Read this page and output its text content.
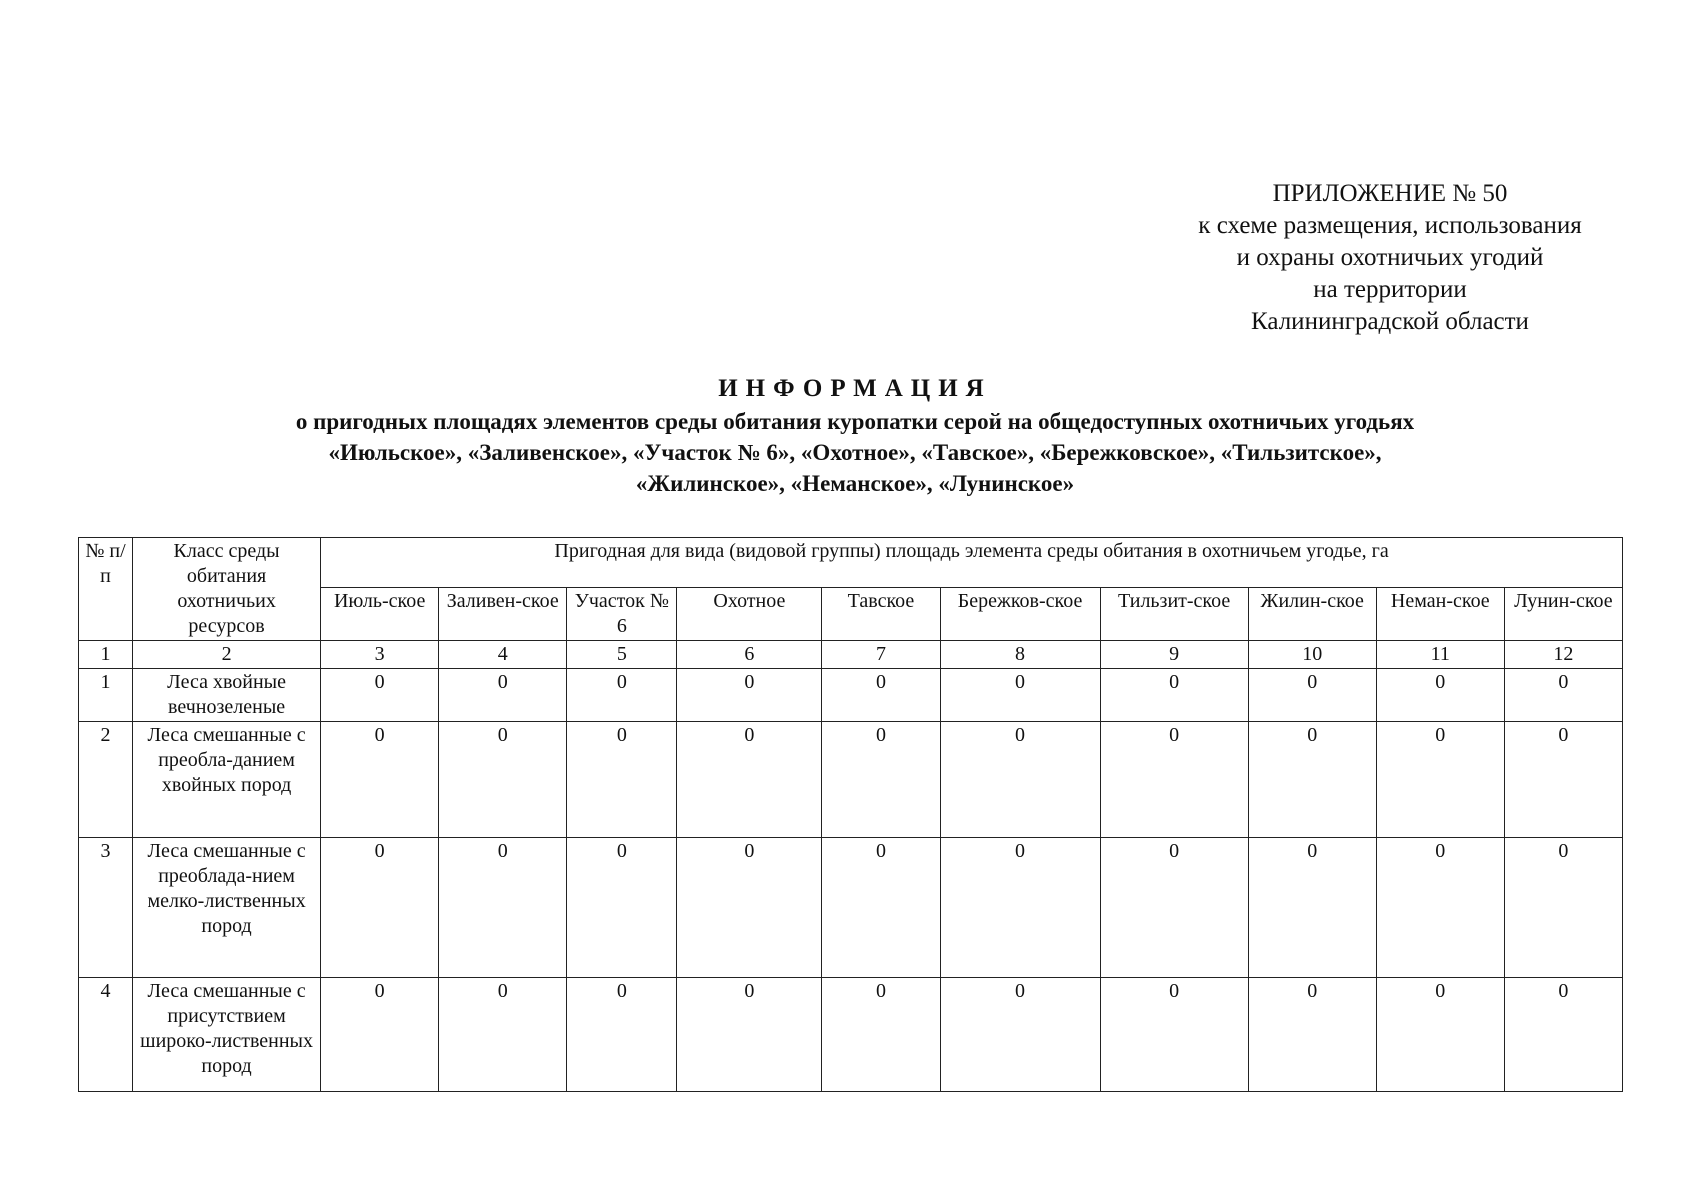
ПРИЛОЖЕНИЕ № 50
к схеме размещения, использования
и охраны охотничьих угодий
на территории
Калининградской области
ИНФОРМАЦИЯ
о пригодных площадях элементов среды обитания куропатки серой на общедоступных охотничьих угодьях
«Июльское», «Заливенское», «Участок № 6», «Охотное», «Тавское», «Бережковское», «Тильзитское»,
«Жилинское», «Неманское», «Лунинское»
№ п/п	Класс среды обитания охотничьих ресурсов	Пригодная для вида (видовой группы) площадь элемента среды обитания в охотничьем угодье, га									
		Июль-ское	Заливен-ское	Участок № 6	Охотное	Тавское	Бережков-ское	Тильзит-ское	Жилин-ское	Неман-ское	Лунин-ское
1	2	3	4	5	6	7	8	9	10	11	12
1	Леса хвойные вечнозеленые	0	0	0	0	0	0	0	0	0	0
2	Леса смешанные с преобла-данием хвойных пород	0	0	0	0	0	0	0	0	0	0
3	Леса смешанные с преоблада-нием мелко-лиственных пород	0	0	0	0	0	0	0	0	0	0
4	Леса смешанные с присутствием широко-лиственных пород	0	0	0	0	0	0	0	0	0	0
